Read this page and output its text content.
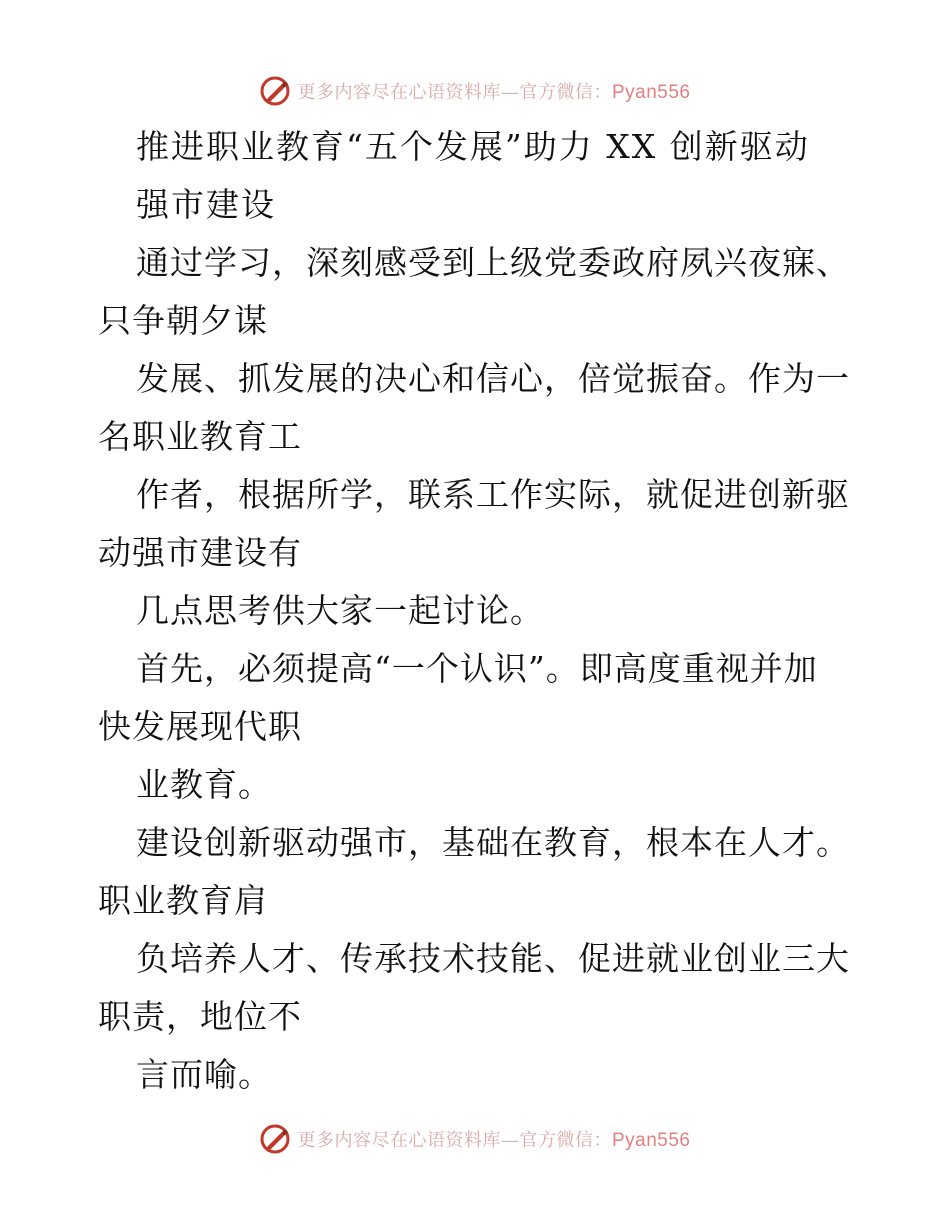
更多内容尽在心语资料库—官方微信：Pyan556
推进职业教育“五个发展”助力 XX 创新驱动
强市建设
通过学习，深刻感受到上级党委政府夙兴夜寐、
只争朝夕谋
发展、抓发展的决心和信心，倍觉振奋。作为一
名职业教育工
作者，根据所学，联系工作实际，就促进创新驱
动强市建设有
几点思考供大家一起讨论。
首先，必须提高“一个认识”。即高度重视并加
快发展现代职
业教育。
建设创新驱动强市，基础在教育，根本在人才。
职业教育肩
负培养人才、传承技术技能、促进就业创业三大
职责，地位不
言而喻。
更多内容尽在心语资料库—官方微信：Pyan556
